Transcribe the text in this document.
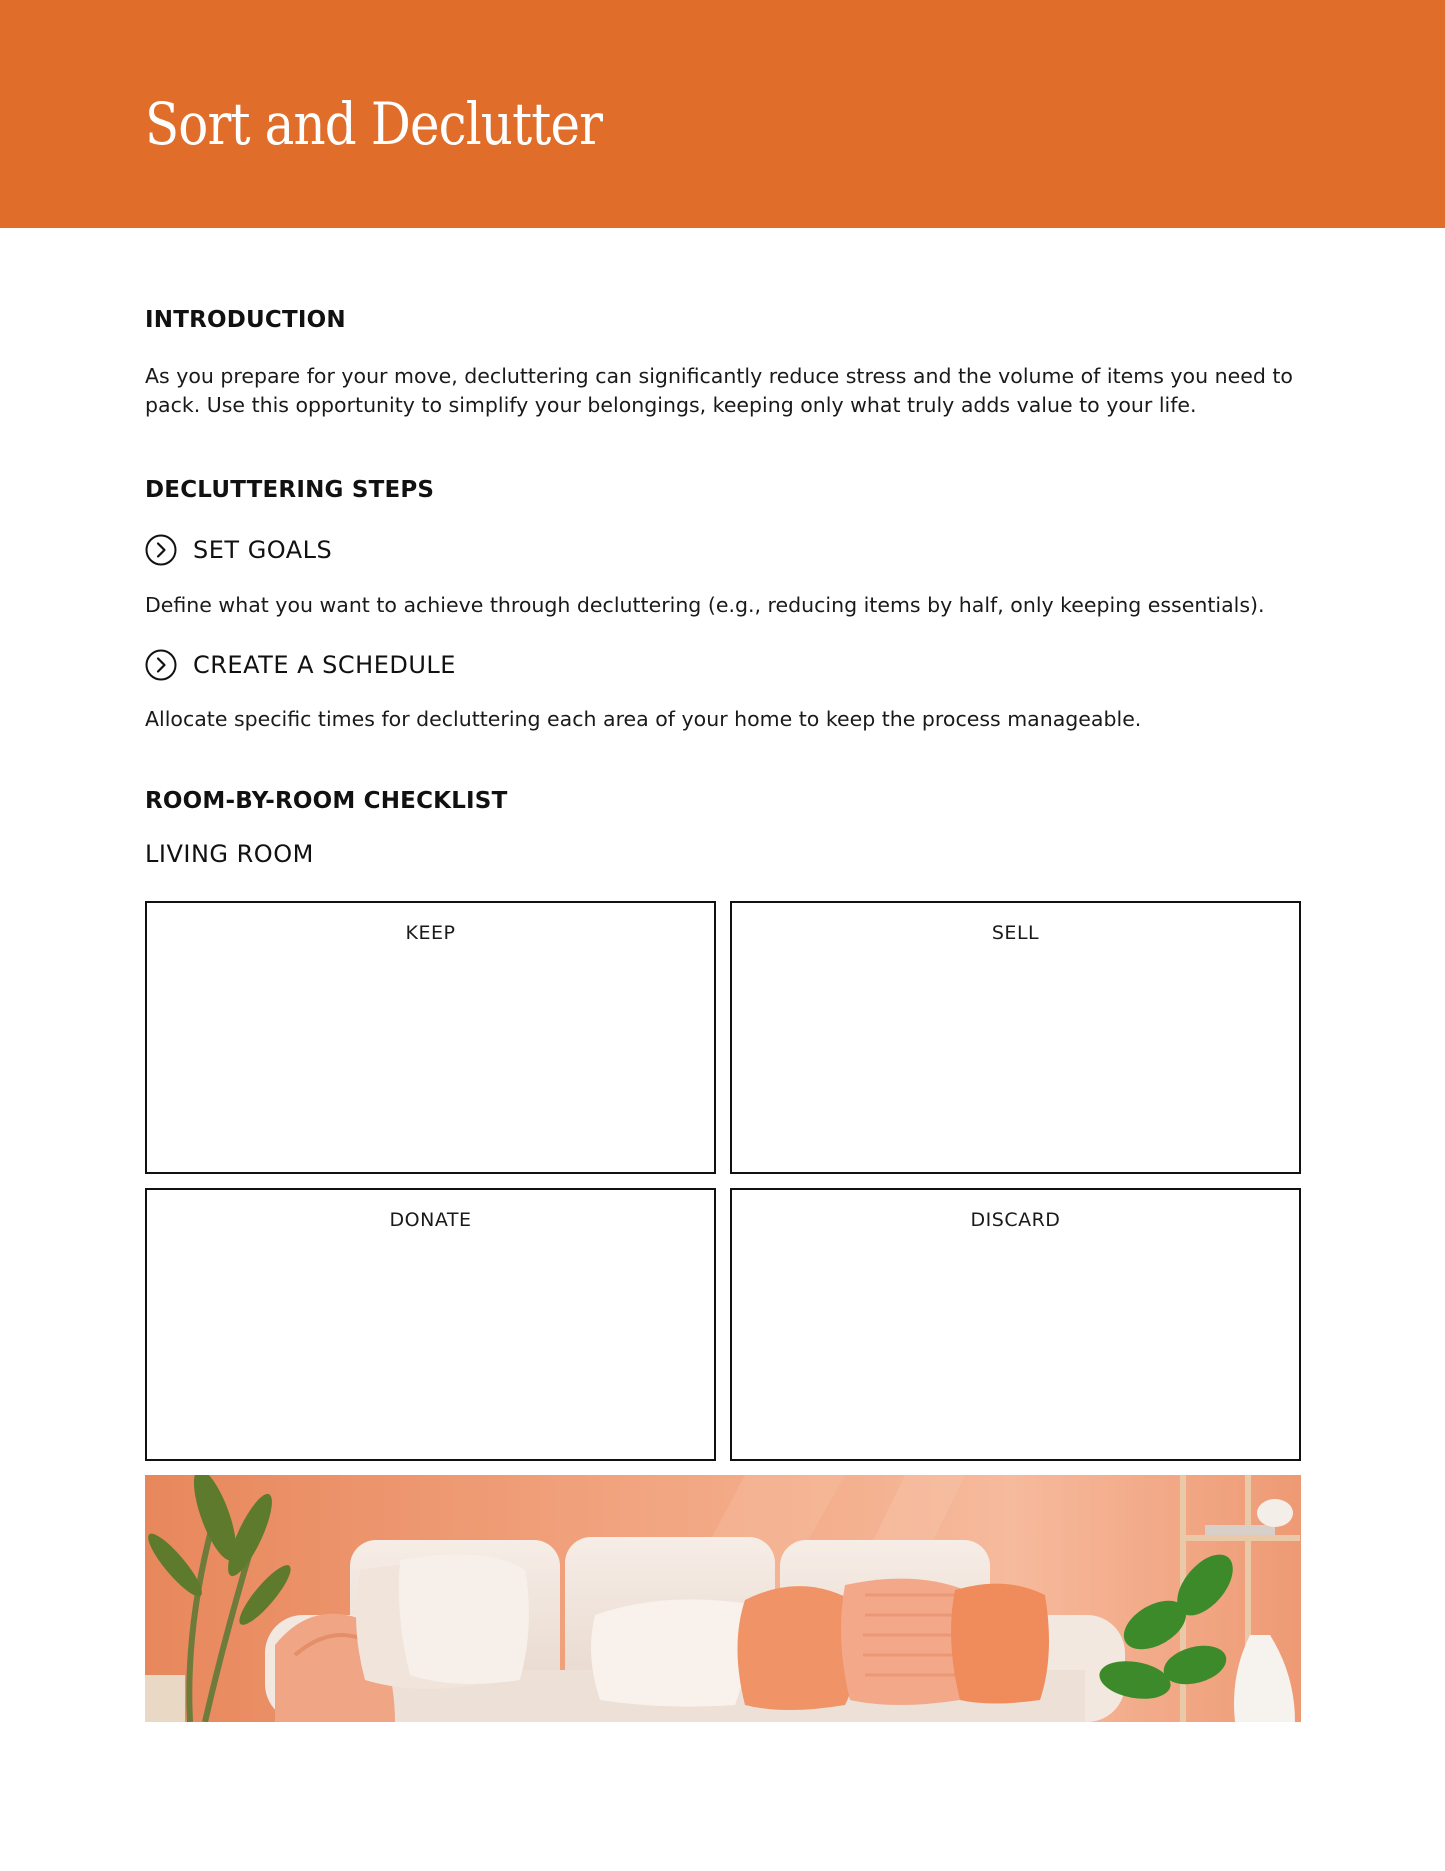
Sort and Declutter
INTRODUCTION

As you prepare for your move, decluttering can significantly reduce stress and the volume of items you need to pack. Use this opportunity to simplify your belongings, keeping only what truly adds value to your life.

DECLUTTERING STEPS
SET GOALS

Define what you want to achieve through decluttering (e.g., reducing items by half, only keeping essentials).

CREATE A SCHEDULE

Allocate specific times for decluttering each area of your home to keep the process manageable.

ROOM-BY-ROOM CHECKLIST

LIVING ROOM

KEEP	SELL
DONATE	DISCARD
